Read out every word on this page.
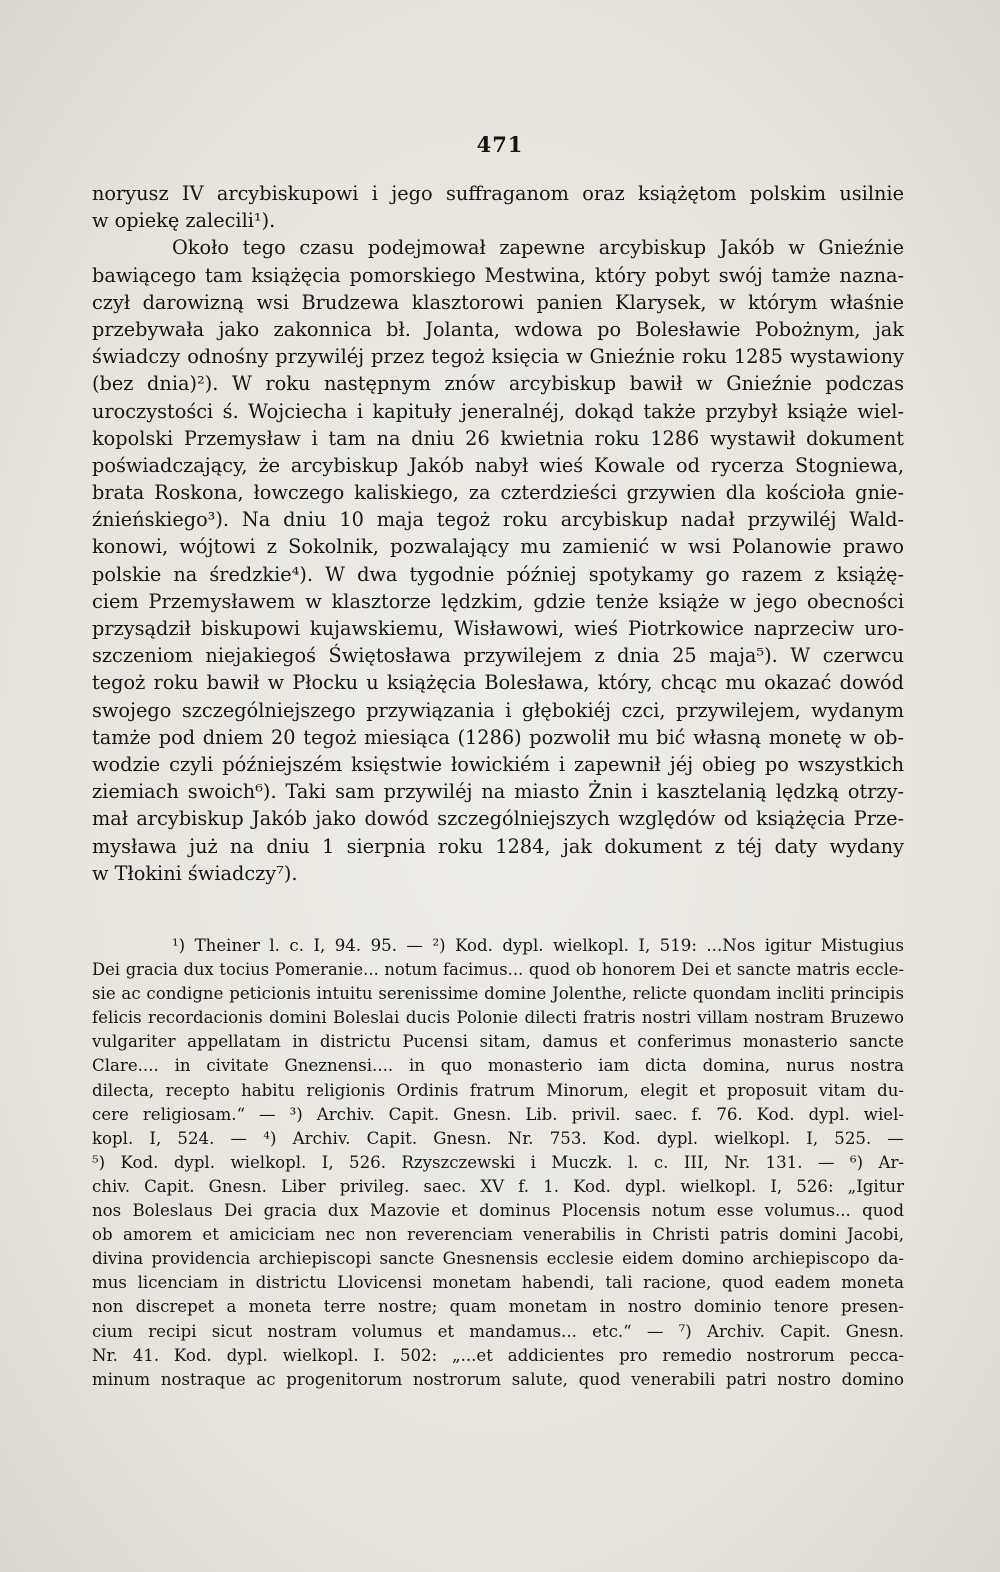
471
noryusz IV arcybiskupowi i jego suffraganom oraz książętom polskim usilnie
w opiekę zalecili¹).
Około tego czasu podejmował zapewne arcybiskup Jakób w Gnieźnie
bawiącego tam książęcia pomorskiego Mestwina, który pobyt swój tamże nazna-
czył darowizną wsi Brudzewa klasztorowi panien Klarysek, w którym właśnie
przebywała jako zakonnica bł. Jolanta, wdowa po Bolesławie Pobożnym, jak
świadczy odnośny przywiléj przez tegoż księcia w Gnieźnie roku 1285 wystawiony
(bez dnia)²). W roku następnym znów arcybiskup bawił w Gnieźnie podczas
uroczystości ś. Wojciecha i kapituły jeneralnéj, dokąd także przybył książe wiel-
kopolski Przemysław i tam na dniu 26 kwietnia roku 1286 wystawił dokument
poświadczający, że arcybiskup Jakób nabył wieś Kowale od rycerza Stogniewa,
brata Roskona, łowczego kaliskiego, za czterdzieści grzywien dla kościoła gnie-
źnieńskiego³). Na dniu 10 maja tegoż roku arcybiskup nadał przywiléj Wald-
konowi, wójtowi z Sokolnik, pozwalający mu zamienić w wsi Polanowie prawo
polskie na średzkie⁴). W dwa tygodnie później spotykamy go razem z książę-
ciem Przemysławem w klasztorze lędzkim, gdzie tenże książe w jego obecności
przysądził biskupowi kujawskiemu, Wisławowi, wieś Piotrkowice naprzeciw uro-
szczeniom niejakiegoś Świętosława przywilejem z dnia 25 maja⁵). W czerwcu
tegoż roku bawił w Płocku u książęcia Bolesława, który, chcąc mu okazać dowód
swojego szczególniejszego przywiązania i głębokiéj czci, przywilejem, wydanym
tamże pod dniem 20 tegoż miesiąca (1286) pozwolił mu bić własną monetę w ob-
wodzie czyli późniejszém księstwie łowickiém i zapewnił jéj obieg po wszystkich
ziemiach swoich⁶). Taki sam przywiléj na miasto Żnin i kasztelanią lędzką otrzy-
mał arcybiskup Jakób jako dowód szczególniejszych względów od książęcia Prze-
mysława już na dniu 1 sierpnia roku 1284, jak dokument z téj daty wydany
w Tłokini świadczy⁷).
¹) Theiner l. c. I, 94. 95. — ²) Kod. dypl. wielkopl. I, 519: ...Nos igitur Mistugius
Dei gracia dux tocius Pomeranie... notum facimus... quod ob honorem Dei et sancte matris eccle-
sie ac condigne peticionis intuitu serenissime domine Jolenthe, relicte quondam incliti principis
felicis recordacionis domini Boleslai ducis Polonie dilecti fratris nostri villam nostram Bruzewo
vulgariter appellatam in districtu Pucensi sitam, damus et conferimus monasterio sancte
Clare.... in civitate Gneznensi.... in quo monasterio iam dicta domina, nurus nostra
dilecta, recepto habitu religionis Ordinis fratrum Minorum, elegit et proposuit vitam du-
cere religiosam.“ — ³) Archiv. Capit. Gnesn. Lib. privil. saec. f. 76. Kod. dypl. wiel-
kopl. I, 524. — ⁴) Archiv. Capit. Gnesn. Nr. 753. Kod. dypl. wielkopl. I, 525. —
⁵) Kod. dypl. wielkopl. I, 526. Rzyszczewski i Muczk. l. c. III, Nr. 131. — ⁶) Ar-
chiv. Capit. Gnesn. Liber privileg. saec. XV f. 1. Kod. dypl. wielkopl. I, 526: „Igitur
nos Boleslaus Dei gracia dux Mazovie et dominus Plocensis notum esse volumus... quod
ob amorem et amiciciam nec non reverenciam venerabilis in Christi patris domini Jacobi,
divina providencia archiepiscopi sancte Gnesnensis ecclesie eidem domino archiepiscopo da-
mus licenciam in districtu Llovicensi monetam habendi, tali racione, quod eadem moneta
non discrepet a moneta terre nostre; quam monetam in nostro dominio tenore presen-
cium recipi sicut nostram volumus et mandamus... etc.“ — ⁷) Archiv. Capit. Gnesn.
Nr. 41. Kod. dypl. wielkopl. I. 502: „...et addicientes pro remedio nostrorum pecca-
minum nostraque ac progenitorum nostrorum salute, quod venerabili patri nostro domino
